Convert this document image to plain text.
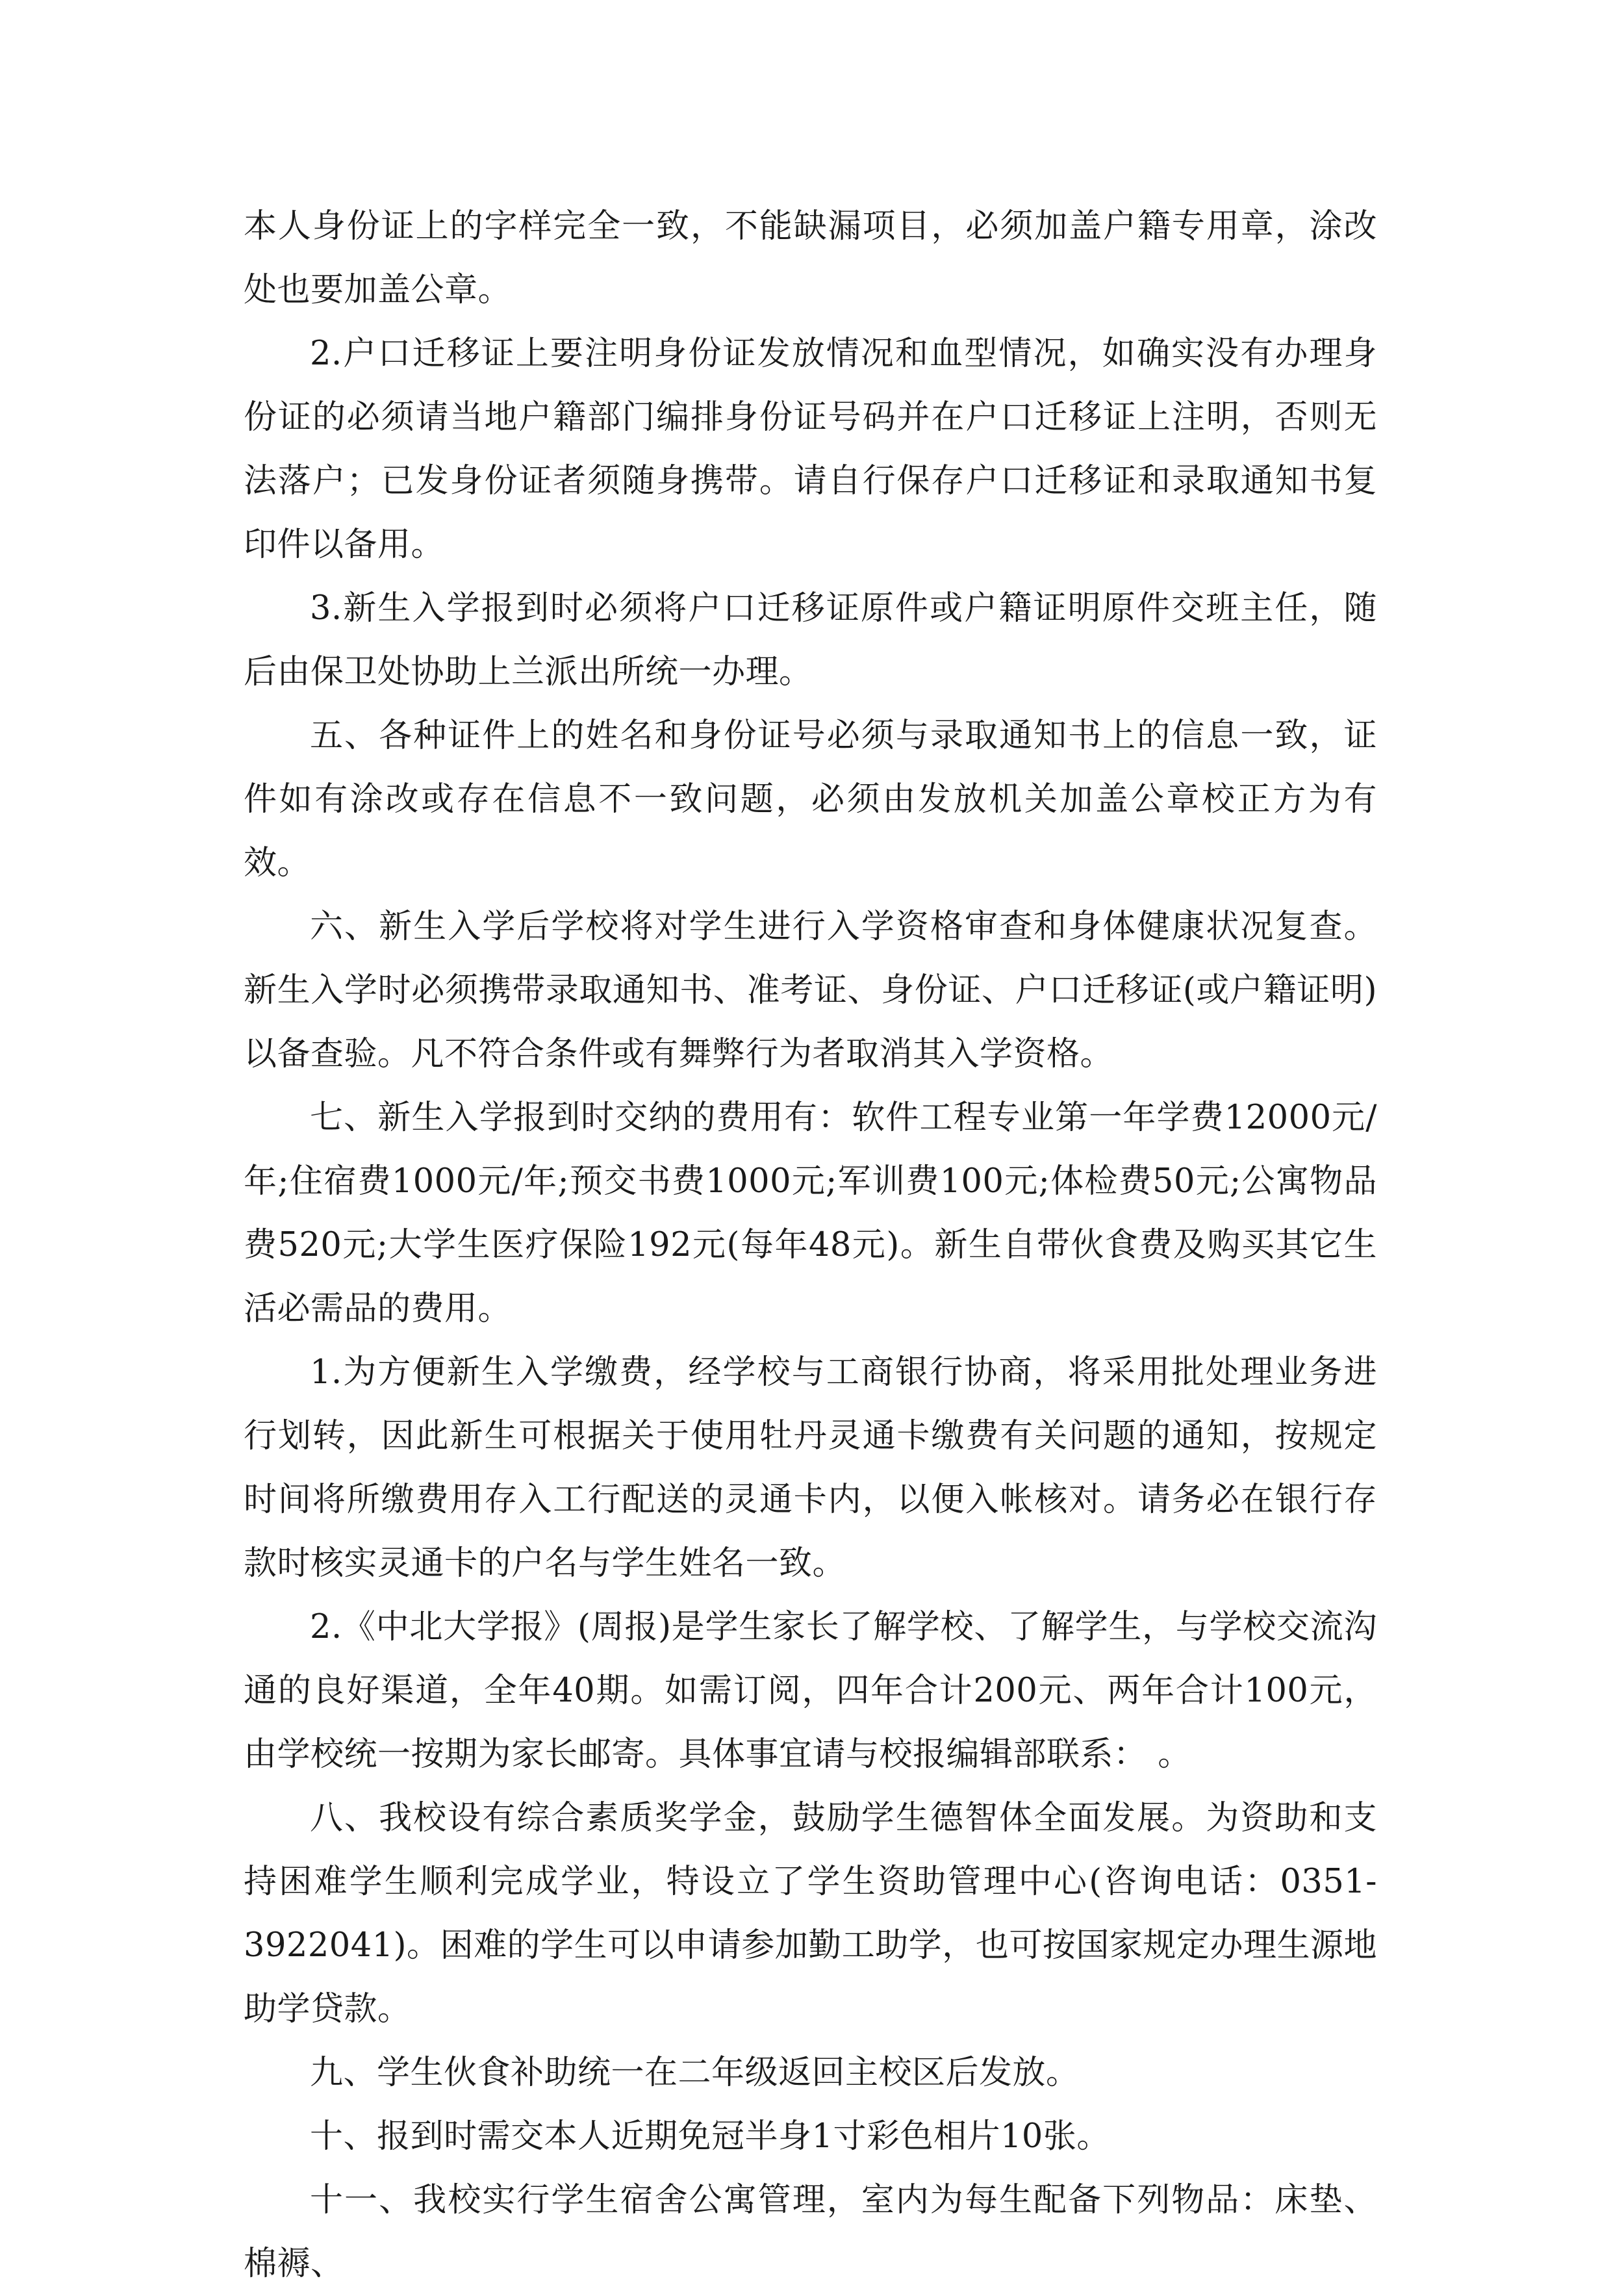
本人身份证上的字样完全一致，不能缺漏项目，必须加盖户籍专用章，涂改处也要加盖公章。

2.户口迁移证上要注明身份证发放情况和血型情况，如确实没有办理身份证的必须请当地户籍部门编排身份证号码并在户口迁移证上注明，否则无法落户；已发身份证者须随身携带。请自行保存户口迁移证和录取通知书复印件以备用。

3.新生入学报到时必须将户口迁移证原件或户籍证明原件交班主任，随后由保卫处协助上兰派出所统一办理。

五、各种证件上的姓名和身份证号必须与录取通知书上的信息一致，证件如有涂改或存在信息不一致问题，必须由发放机关加盖公章校正方为有效。

六、新生入学后学校将对学生进行入学资格审查和身体健康状况复查。新生入学时必须携带录取通知书、准考证、身份证、户口迁移证(或户籍证明)以备查验。凡不符合条件或有舞弊行为者取消其入学资格。

七、新生入学报到时交纳的费用有：软件工程专业第一年学费12000元/年;住宿费1000元/年;预交书费1000元;军训费100元;体检费50元;公寓物品费520元;大学生医疗保险192元(每年48元)。新生自带伙食费及购买其它生活必需品的费用。

1.为方便新生入学缴费，经学校与工商银行协商，将采用批处理业务进行划转，因此新生可根据关于使用牡丹灵通卡缴费有关问题的通知，按规定时间将所缴费用存入工行配送的灵通卡内，以便入帐核对。请务必在银行存款时核实灵通卡的户名与学生姓名一致。

2.《中北大学报》(周报)是学生家长了解学校、了解学生，与学校交流沟通的良好渠道，全年40期。如需订阅，四年合计200元、两年合计100元，由学校统一按期为家长邮寄。具体事宜请与校报编辑部联系： 。

八、我校设有综合素质奖学金，鼓励学生德智体全面发展。为资助和支持困难学生顺利完成学业，特设立了学生资助管理中心(咨询电话：0351-3922041)。困难的学生可以申请参加勤工助学，也可按国家规定办理生源地助学贷款。

九、学生伙食补助统一在二年级返回主校区后发放。

十、报到时需交本人近期免冠半身1寸彩色相片10张。

十一、我校实行学生宿舍公寓管理，室内为每生配备下列物品：床垫、棉褥、
